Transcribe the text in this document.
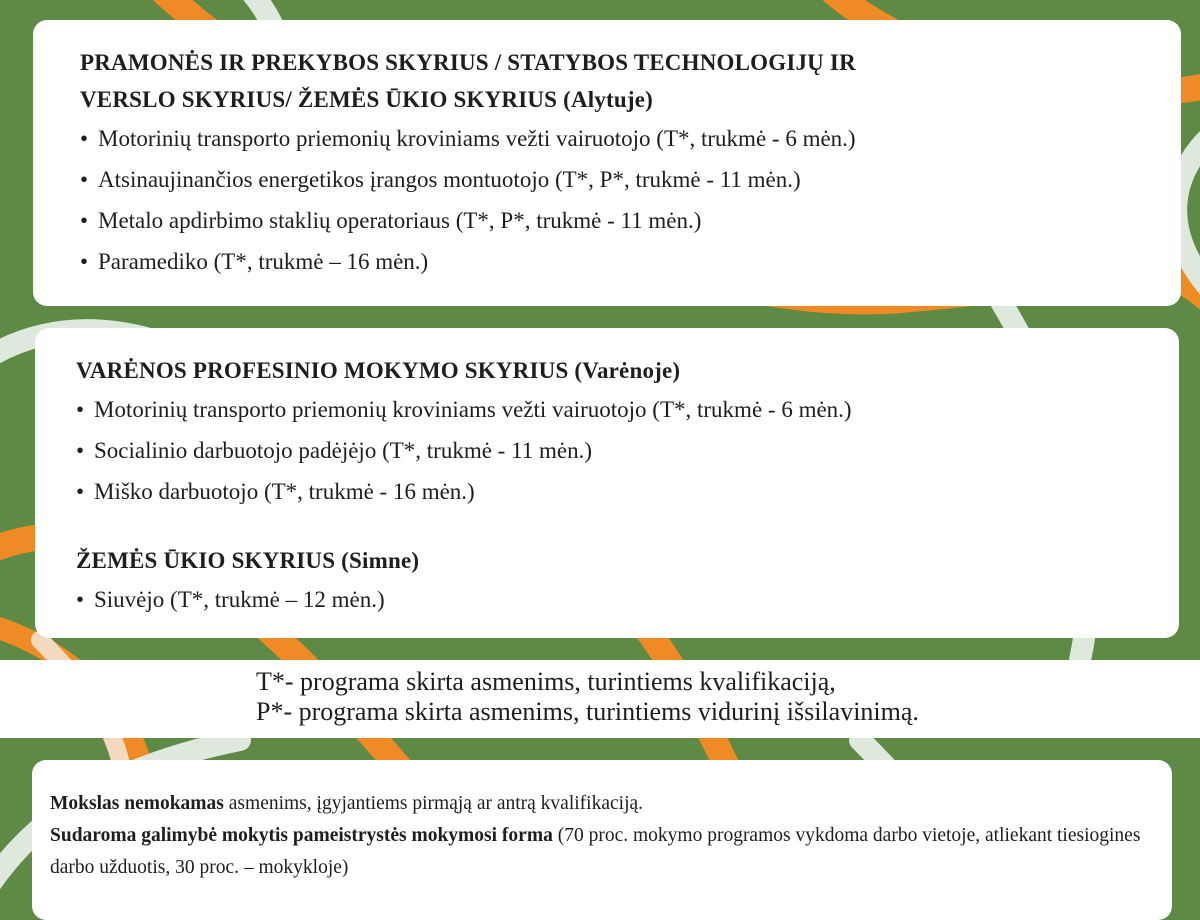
PRAMONĖS IR PREKYBOS SKYRIUS / STATYBOS TECHNOLOGIJŲ IR

VERSLO SKYRIUS/ ŽEMĖS ŪKIO SKYRIUS (Alytuje)

• Motorinių transporto priemonių kroviniams vežti vairuotojo (T*, trukmė - 6 mėn.)

• Atsinaujinančios energetikos įrangos montuotojo (T*, P*, trukmė - 11 mėn.)

• Metalo apdirbimo staklių operatoriaus (T*, P*, trukmė - 11 mėn.)

• Paramediko (T*, trukmė – 16 mėn.)

VARĖNOS PROFESINIO MOKYMO SKYRIUS (Varėnoje)

• Motorinių transporto priemonių kroviniams vežti vairuotojo (T*, trukmė - 6 mėn.)

• Socialinio darbuotojo padėjėjo (T*, trukmė - 11 mėn.)

• Miško darbuotojo (T*, trukmė - 16 mėn.)

ŽEMĖS ŪKIO SKYRIUS (Simne)

• Siuvėjo (T*, trukmė – 12 mėn.)

T*- programa skirta asmenims, turintiems kvalifikaciją,
P*- programa skirta asmenims, turintiems vidurinį išsilavinimą.

Mokslas nemokamas asmenims, įgyjantiems pirmąją ar antrą kvalifikaciją.

Sudaroma galimybė mokytis pameistrystės mokymosi forma (70 proc. mokymo programos vykdoma darbo vietoje, atliekant tiesiogines darbo užduotis, 30 proc. – mokykloje)
